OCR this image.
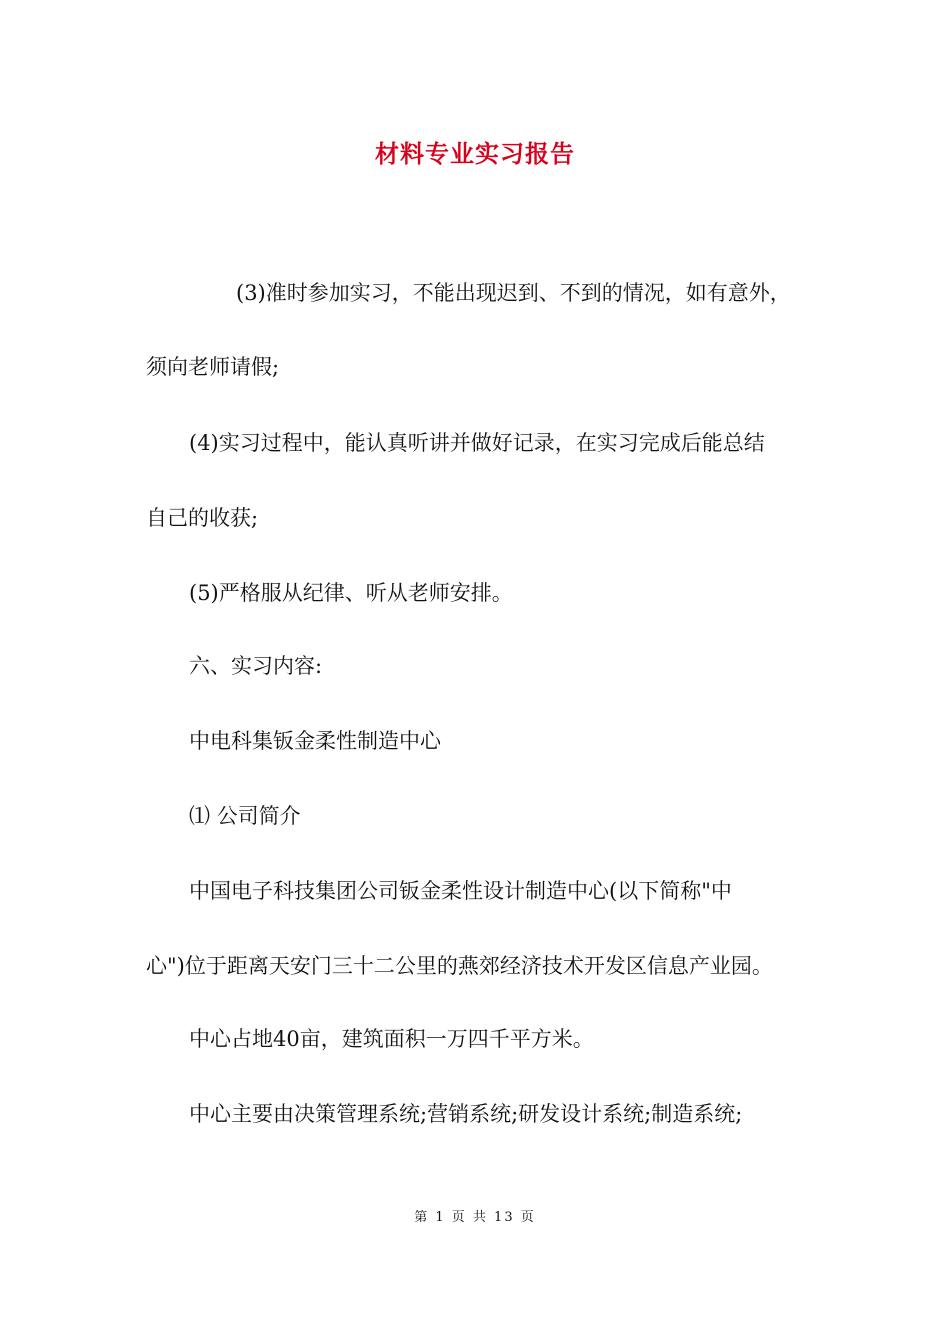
材料专业实习报告
(3)准时参加实习，不能出现迟到、不到的情况，如有意外，
须向老师请假;
(4)实习过程中，能认真听讲并做好记录，在实习完成后能总结
自己的收获;
(5)严格服从纪律、听从老师安排。
六、实习内容:
中电科集钣金柔性制造中心
⑴ 公司简介
中国电子科技集团公司钣金柔性设计制造中心(以下简称"中
心")位于距离天安门三十二公里的燕郊经济技术开发区信息产业园。
中心占地40亩，建筑面积一万四千平方米。
中心主要由决策管理系统;营销系统;研发设计系统;制造系统;
第 1 页 共 13 页
